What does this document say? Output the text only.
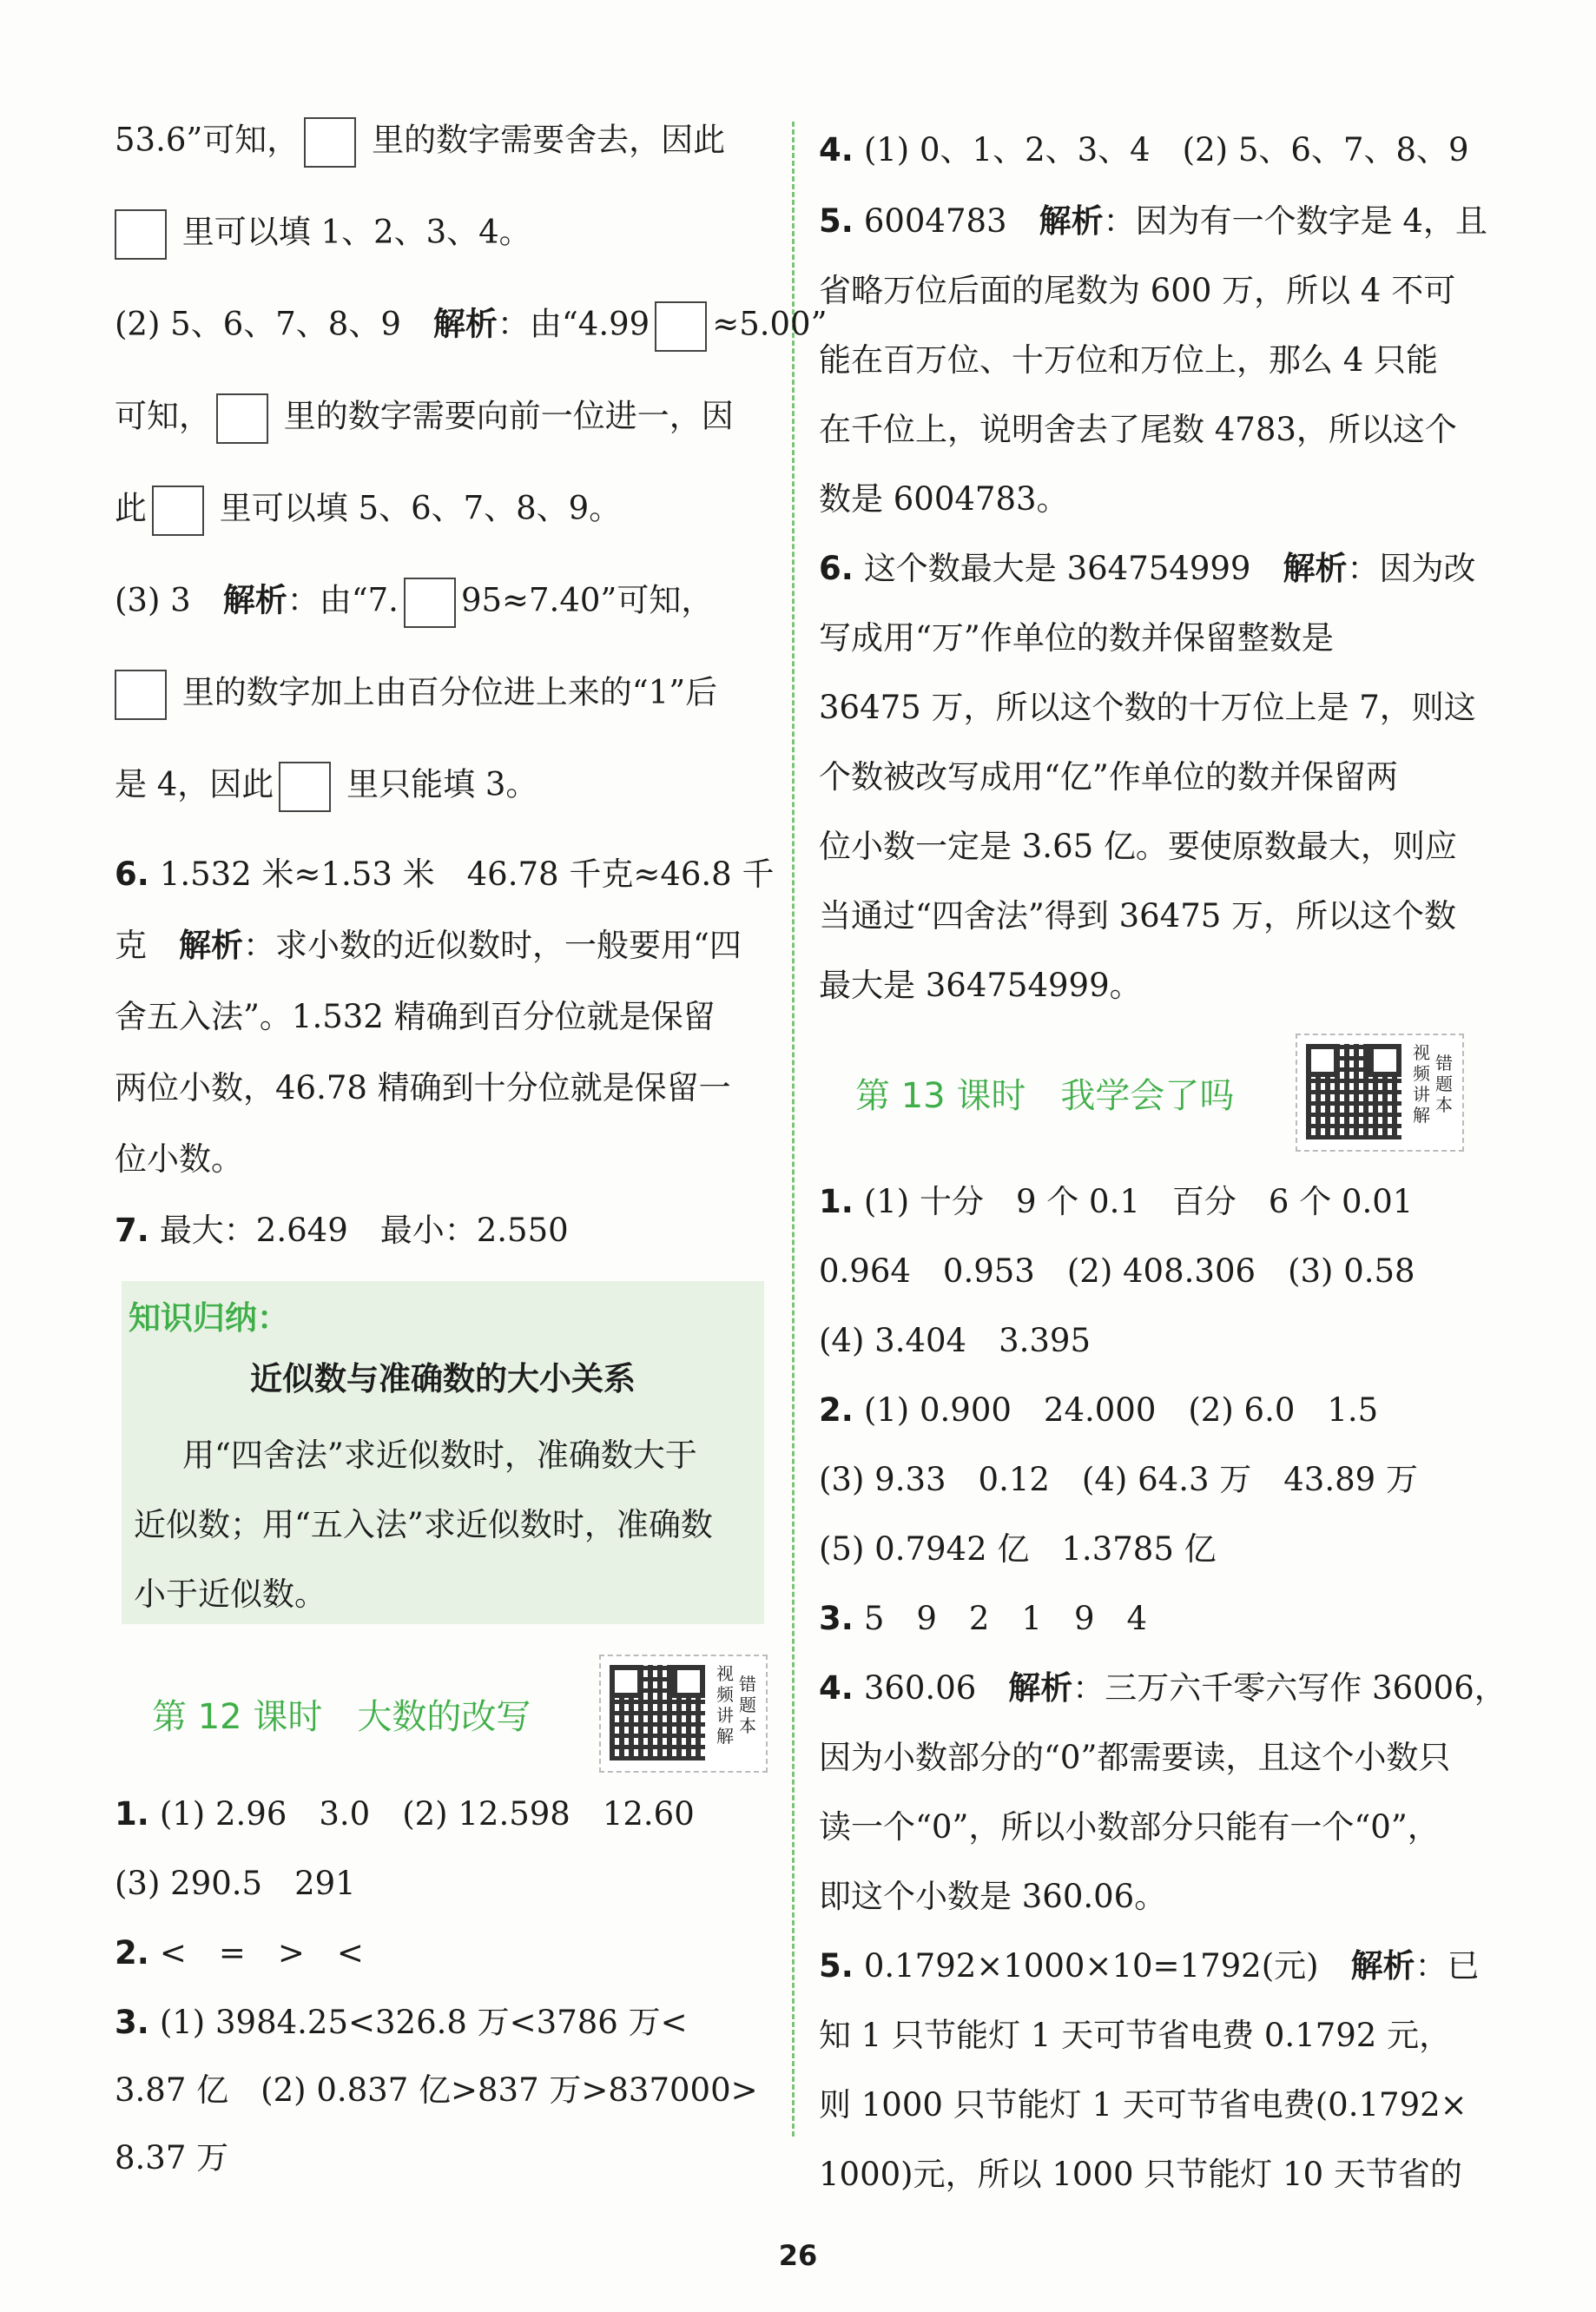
53.6”可知， 里的数字需要舍去，因此
里可以填 1、2、3、4。
(2) 5、6、7、8、9　 解析：由“4.99 ≈5.00”
可知， 里的数字需要向前一位进一，因
此 里可以填 5、6、7、8、9。
(3) 3　 解析：由“7. 95≈7.40”可知，
里的数字加上由百分位进上来的“1”后
是 4，因此 里只能填 3。
6. 1.532 米≈1.53 米　46.78 千克≈46.8 千
克　 解析：求小数的近似数时，一般要用“四
舍五入法”。1.532 精确到百分位就是保留
两位小数，46.78 精确到十分位就是保留一
位小数。
7. 最大：2.649　最小：2.550
知识归纳：
近似数与准确数的大小关系
用“四舍法”求近似数时，准确数大于
近似数；用“五入法”求近似数时，准确数
小于近似数。
第 12 课时 大数的改写
视频讲解
错题本
1. (1) 2.96　3.0　(2) 12.598　12.60
(3) 290.5　291
2. <　=　>　<
3. (1) 3984.25<326.8 万<3786 万<
3.87 亿　(2) 0.837 亿>837 万>837000>
8.37 万
4. (1) 0、1、2、3、4　(2) 5、6、7、8、9
5. 6004783　 解析：因为有一个数字是 4，且
省略万位后面的尾数为 600 万，所以 4 不可
能在百万位、十万位和万位上，那么 4 只能
在千位上，说明舍去了尾数 4783，所以这个
数是 6004783。
6. 这个数最大是 364754999　 解析：因为改
写成用“万”作单位的数并保留整数是
36475 万，所以这个数的十万位上是 7，则这
个数被改写成用“亿”作单位的数并保留两
位小数一定是 3.65 亿。要使原数最大，则应
当通过“四舍法”得到 36475 万，所以这个数
最大是 364754999。
第 13 课时 我学会了吗
视频讲解
错题本
1. (1) 十分　9 个 0.1　百分　6 个 0.01
0.964　0.953　(2) 408.306　(3) 0.58
(4) 3.404　3.395
2. (1) 0.900　24.000　(2) 6.0　1.5
(3) 9.33　0.12　(4) 64.3 万　43.89 万
(5) 0.7942 亿　1.3785 亿
3. 5　9　2　1　9　4
4. 360.06　 解析：三万六千零六写作 36006，
因为小数部分的“0”都需要读，且这个小数只
读一个“0”，所以小数部分只能有一个“0”，
即这个小数是 360.06。
5. 0.1792×1000×10=1792(元)　 解析：已
知 1 只节能灯 1 天可节省电费 0.1792 元，
则 1000 只节能灯 1 天可节省电费(0.1792×
1000)元，所以 1000 只节能灯 10 天节省的
26
